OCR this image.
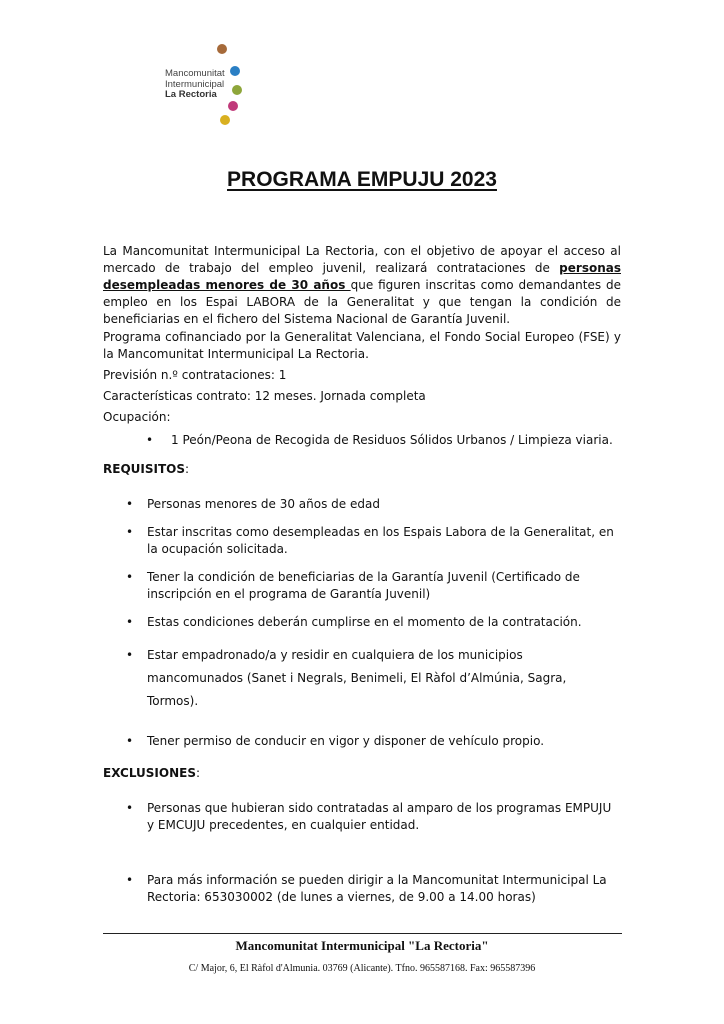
Mancomunitat
Intermunicipal
La Rectoria
PROGRAMA EMPUJU 2023

La Mancomunitat Intermunicipal La Rectoria, con el objetivo de apoyar el acceso al mercado de trabajo del empleo juvenil, realizará contrataciones de personas desempleadas menores de 30 años que figuren inscritas como demandantes de empleo en los Espai LABORA de la Generalitat y que tengan la condición de beneficiarias en el fichero del Sistema Nacional de Garantía Juvenil.

Programa cofinanciado por la Generalitat Valenciana, el Fondo Social Europeo (FSE) y la Mancomunitat Intermunicipal La Rectoria.

Previsión n.º contrataciones: 1

Características contrato: 12 meses. Jornada completa

Ocupación:

• 1 Peón/Peona de Recogida de Residuos Sólidos Urbanos / Limpieza viaria.

REQUISITOS:

• Personas menores de 30 años de edad

• Estar inscritas como desempleadas en los Espais Labora de la Generalitat, en la ocupación solicitada.

• Tener la condición de beneficiarias de la Garantía Juvenil (Certificado de inscripción en el programa de Garantía Juvenil)

• Estas condiciones deberán cumplirse en el momento de la contratación.

• Estar empadronado/a y residir en cualquiera de los municipios mancomunados (Sanet i Negrals, Benimeli, El Ràfol d’Almúnia, Sagra, Tormos).

• Tener permiso de conducir en vigor y disponer de vehículo propio.

EXCLUSIONES:

• Personas que hubieran sido contratadas al amparo de los programas EMPUJU y EMCUJU precedentes, en cualquier entidad.

• Para más información se pueden dirigir a la Mancomunitat Intermunicipal La Rectoria: 653030002 (de lunes a viernes, de 9.00 a 14.00 horas)

Mancomunitat Intermunicipal "La Rectoria"
C/ Major, 6, El Ràfol d'Almunia. 03769 (Alicante). Tfno. 965587168. Fax: 965587396
